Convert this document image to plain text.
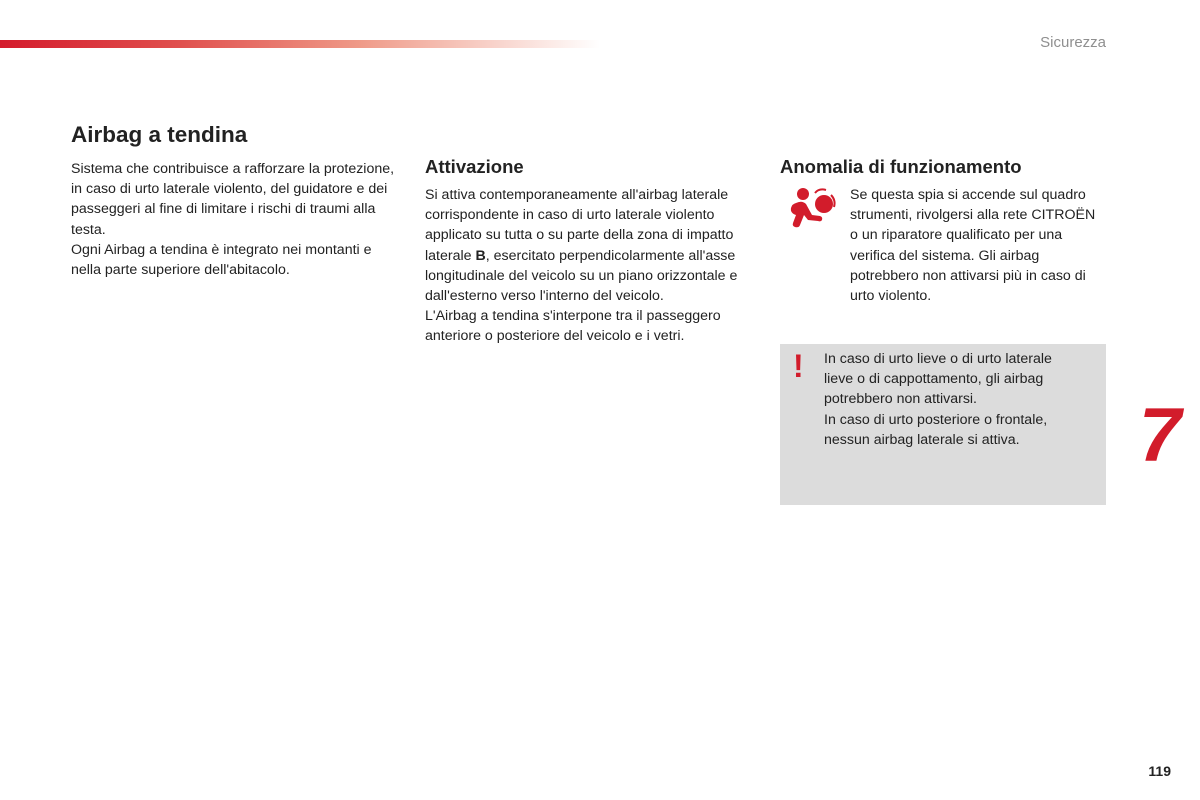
Sicurezza
Airbag a tendina

Sistema che contribuisce a rafforzare la protezione, in caso di urto laterale violento, del guidatore e dei passeggeri al fine di limitare i rischi di traumi alla testa.

Ogni Airbag a tendina è integrato nei montanti e nella parte superiore dell'abitacolo.

Attivazione

Si attiva contemporaneamente all'airbag laterale corrispondente in caso di urto laterale violento applicato su tutta o su parte della zona di impatto laterale B, esercitato perpendicolarmente all'asse longitudinale del veicolo su un piano orizzontale e dall'esterno verso l'interno del veicolo.

L'Airbag a tendina s'interpone tra il passeggero anteriore o posteriore del veicolo e i vetri.

Anomalia di funzionamento

Se questa spia si accende sul quadro strumenti, rivolgersi alla rete CITROËN o un riparatore qualificato per una verifica del sistema. Gli airbag potrebbero non attivarsi più in caso di urto violento.

! In caso di urto lieve o di urto laterale lieve o di cappottamento, gli airbag potrebbero non attivarsi.

In caso di urto posteriore o frontale, nessun airbag laterale si attiva.	7
119
